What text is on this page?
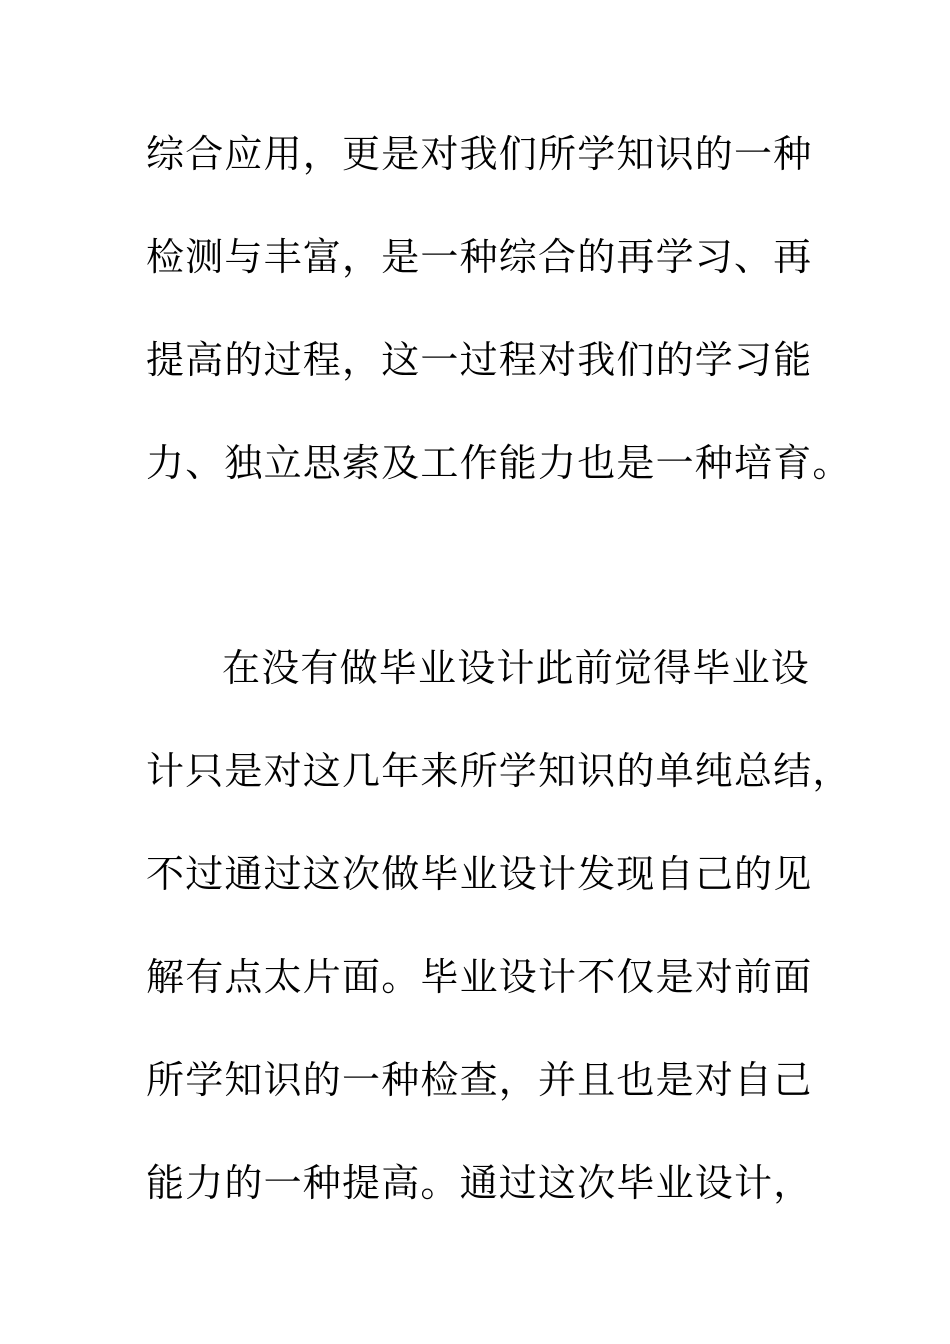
综合应用，更是对我们所学知识的一种
检测与丰富，是一种综合的再学习、再
提高的过程，这一过程对我们的学习能
力、独立思索及工作能力也是一种培育。
在没有做毕业设计此前觉得毕业设
计只是对这几年来所学知识的单纯总结，
不过通过这次做毕业设计发现自己的见
解有点太片面。毕业设计不仅是对前面
所学知识的一种检查，并且也是对自己
能力的一种提高。通过这次毕业设计，
